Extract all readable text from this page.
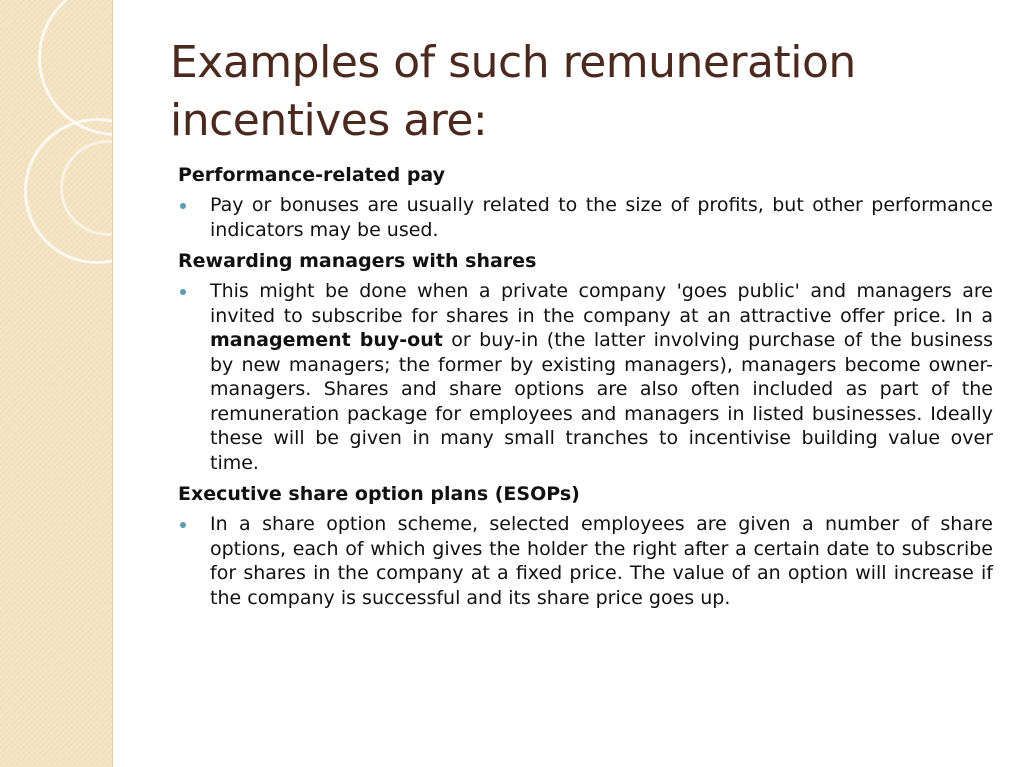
Examples of such remuneration incentives are:

Performance-related pay

Pay or bonuses are usually related to the size of profits, but other performance indicators may be used.

Rewarding managers with shares

This might be done when a private company 'goes public' and managers are invited to subscribe for shares in the company at an attractive offer price. In a management buy-out or buy-in (the latter involving purchase of the business by new managers; the former by existing managers), managers become owner-managers. Shares and share options are also often included as part of the remuneration package for employees and managers in listed businesses. Ideally these will be given in many small tranches to incentivise building value over time.

Executive share option plans (ESOPs)

In a share option scheme, selected employees are given a number of share options, each of which gives the holder the right after a certain date to subscribe for shares in the company at a fixed price. The value of an option will increase if the company is successful and its share price goes up.
